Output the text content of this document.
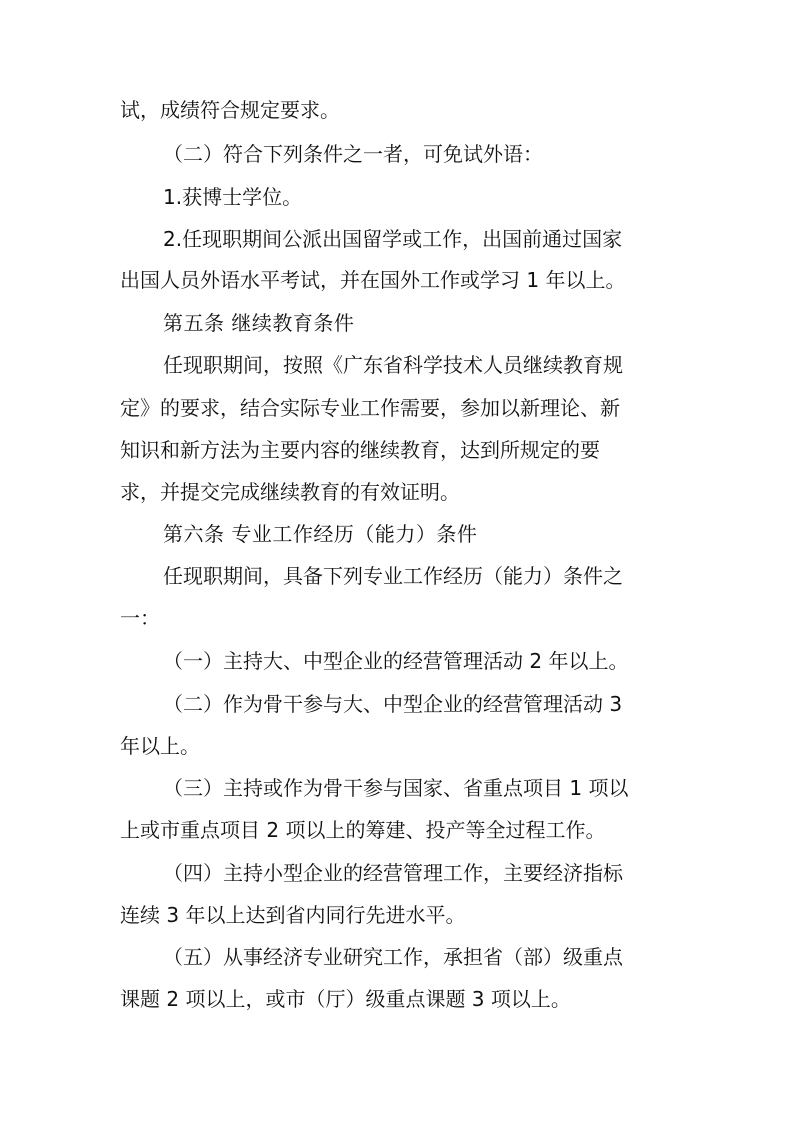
试，成绩符合规定要求。
（二）符合下列条件之一者，可免试外语：
1.获博士学位。
2.任现职期间公派出国留学或工作，出国前通过国家
出国人员外语水平考试，并在国外工作或学习 1 年以上。
第五条 继续教育条件
任现职期间，按照《广东省科学技术人员继续教育规
定》的要求，结合实际专业工作需要，参加以新理论、新
知识和新方法为主要内容的继续教育，达到所规定的要
求，并提交完成继续教育的有效证明。
第六条 专业工作经历（能力）条件
任现职期间，具备下列专业工作经历（能力）条件之
一：
（一）主持大、中型企业的经营管理活动 2 年以上。
（二）作为骨干参与大、中型企业的经营管理活动 3
年以上。
（三）主持或作为骨干参与国家、省重点项目 1 项以
上或市重点项目 2 项以上的筹建、投产等全过程工作。
（四）主持小型企业的经营管理工作，主要经济指标
连续 3 年以上达到省内同行先进水平。
（五）从事经济专业研究工作，承担省（部）级重点
课题 2 项以上，或市（厅）级重点课题 3 项以上。
